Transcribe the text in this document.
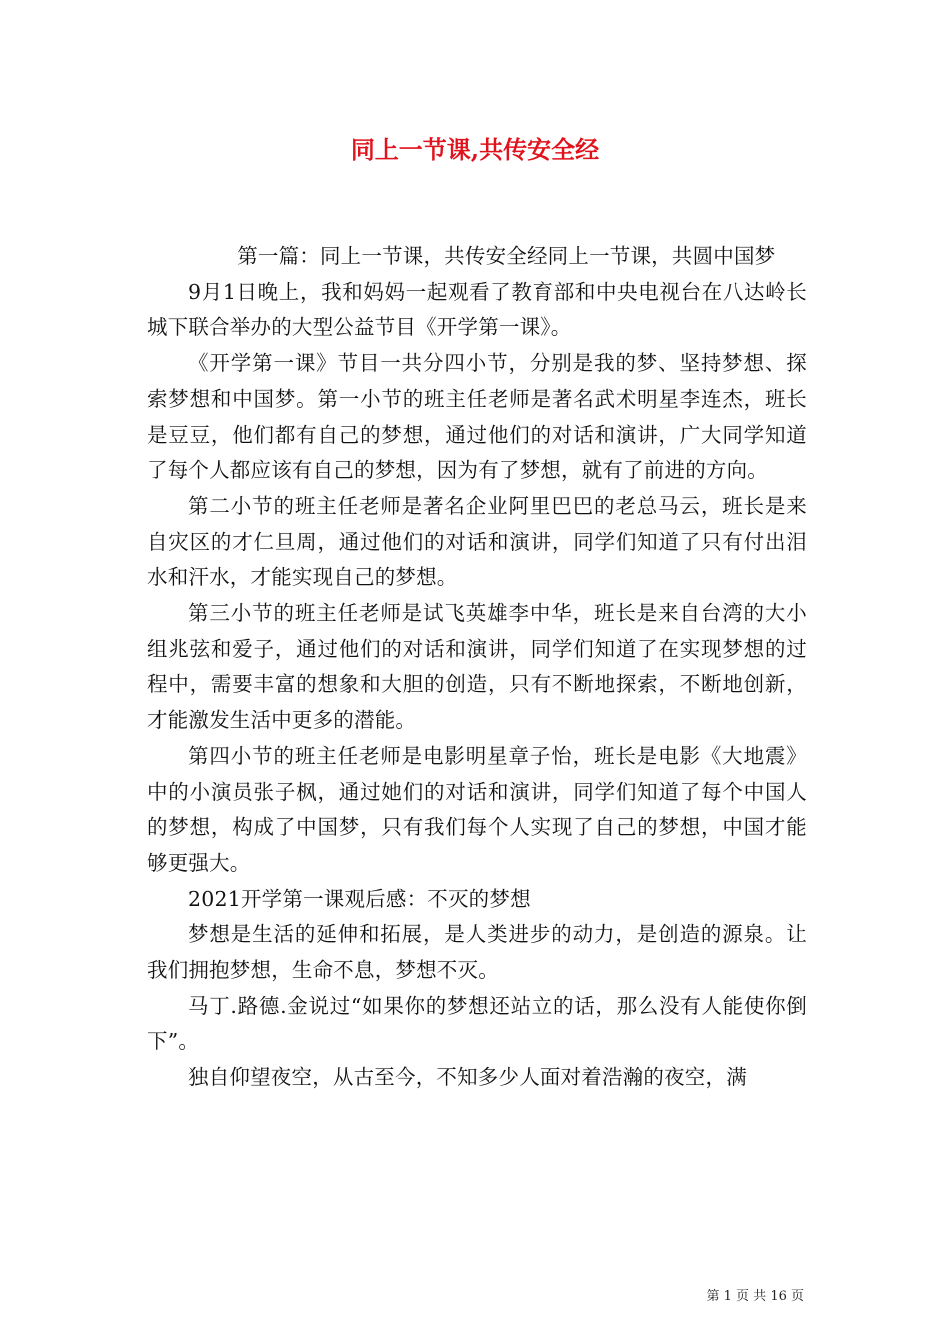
同上一节课,共传安全经

第一篇：同上一节课，共传安全经同上一节课，共圆中国梦

9月1日晚上，我和妈妈一起观看了教育部和中央电视台在八达岭长城下联合举办的大型公益节目《开学第一课》。

《开学第一课》节目一共分四小节，分别是我的梦、坚持梦想、探索梦想和中国梦。第一小节的班主任老师是著名武术明星李连杰，班长是豆豆，他们都有自己的梦想，通过他们的对话和演讲，广大同学知道了每个人都应该有自己的梦想，因为有了梦想，就有了前进的方向。

第二小节的班主任老师是著名企业阿里巴巴的老总马云，班长是来自灾区的才仁旦周，通过他们的对话和演讲，同学们知道了只有付出泪水和汗水，才能实现自己的梦想。

第三小节的班主任老师是试飞英雄李中华，班长是来自台湾的大小组兆弦和爱子，通过他们的对话和演讲，同学们知道了在实现梦想的过程中，需要丰富的想象和大胆的创造，只有不断地探索，不断地创新，才能激发生活中更多的潜能。

第四小节的班主任老师是电影明星章子怡，班长是电影《大地震》中的小演员张子枫，通过她们的对话和演讲，同学们知道了每个中国人的梦想，构成了中国梦，只有我们每个人实现了自己的梦想，中国才能够更强大。

2021开学第一课观后感：不灭的梦想

梦想是生活的延伸和拓展，是人类进步的动力，是创造的源泉。让我们拥抱梦想，生命不息，梦想不灭。

马丁.路德.金说过“如果你的梦想还站立的话，那么没有人能使你倒下”。

独自仰望夜空，从古至今，不知多少人面对着浩瀚的夜空，满

第 1 页 共 16 页
